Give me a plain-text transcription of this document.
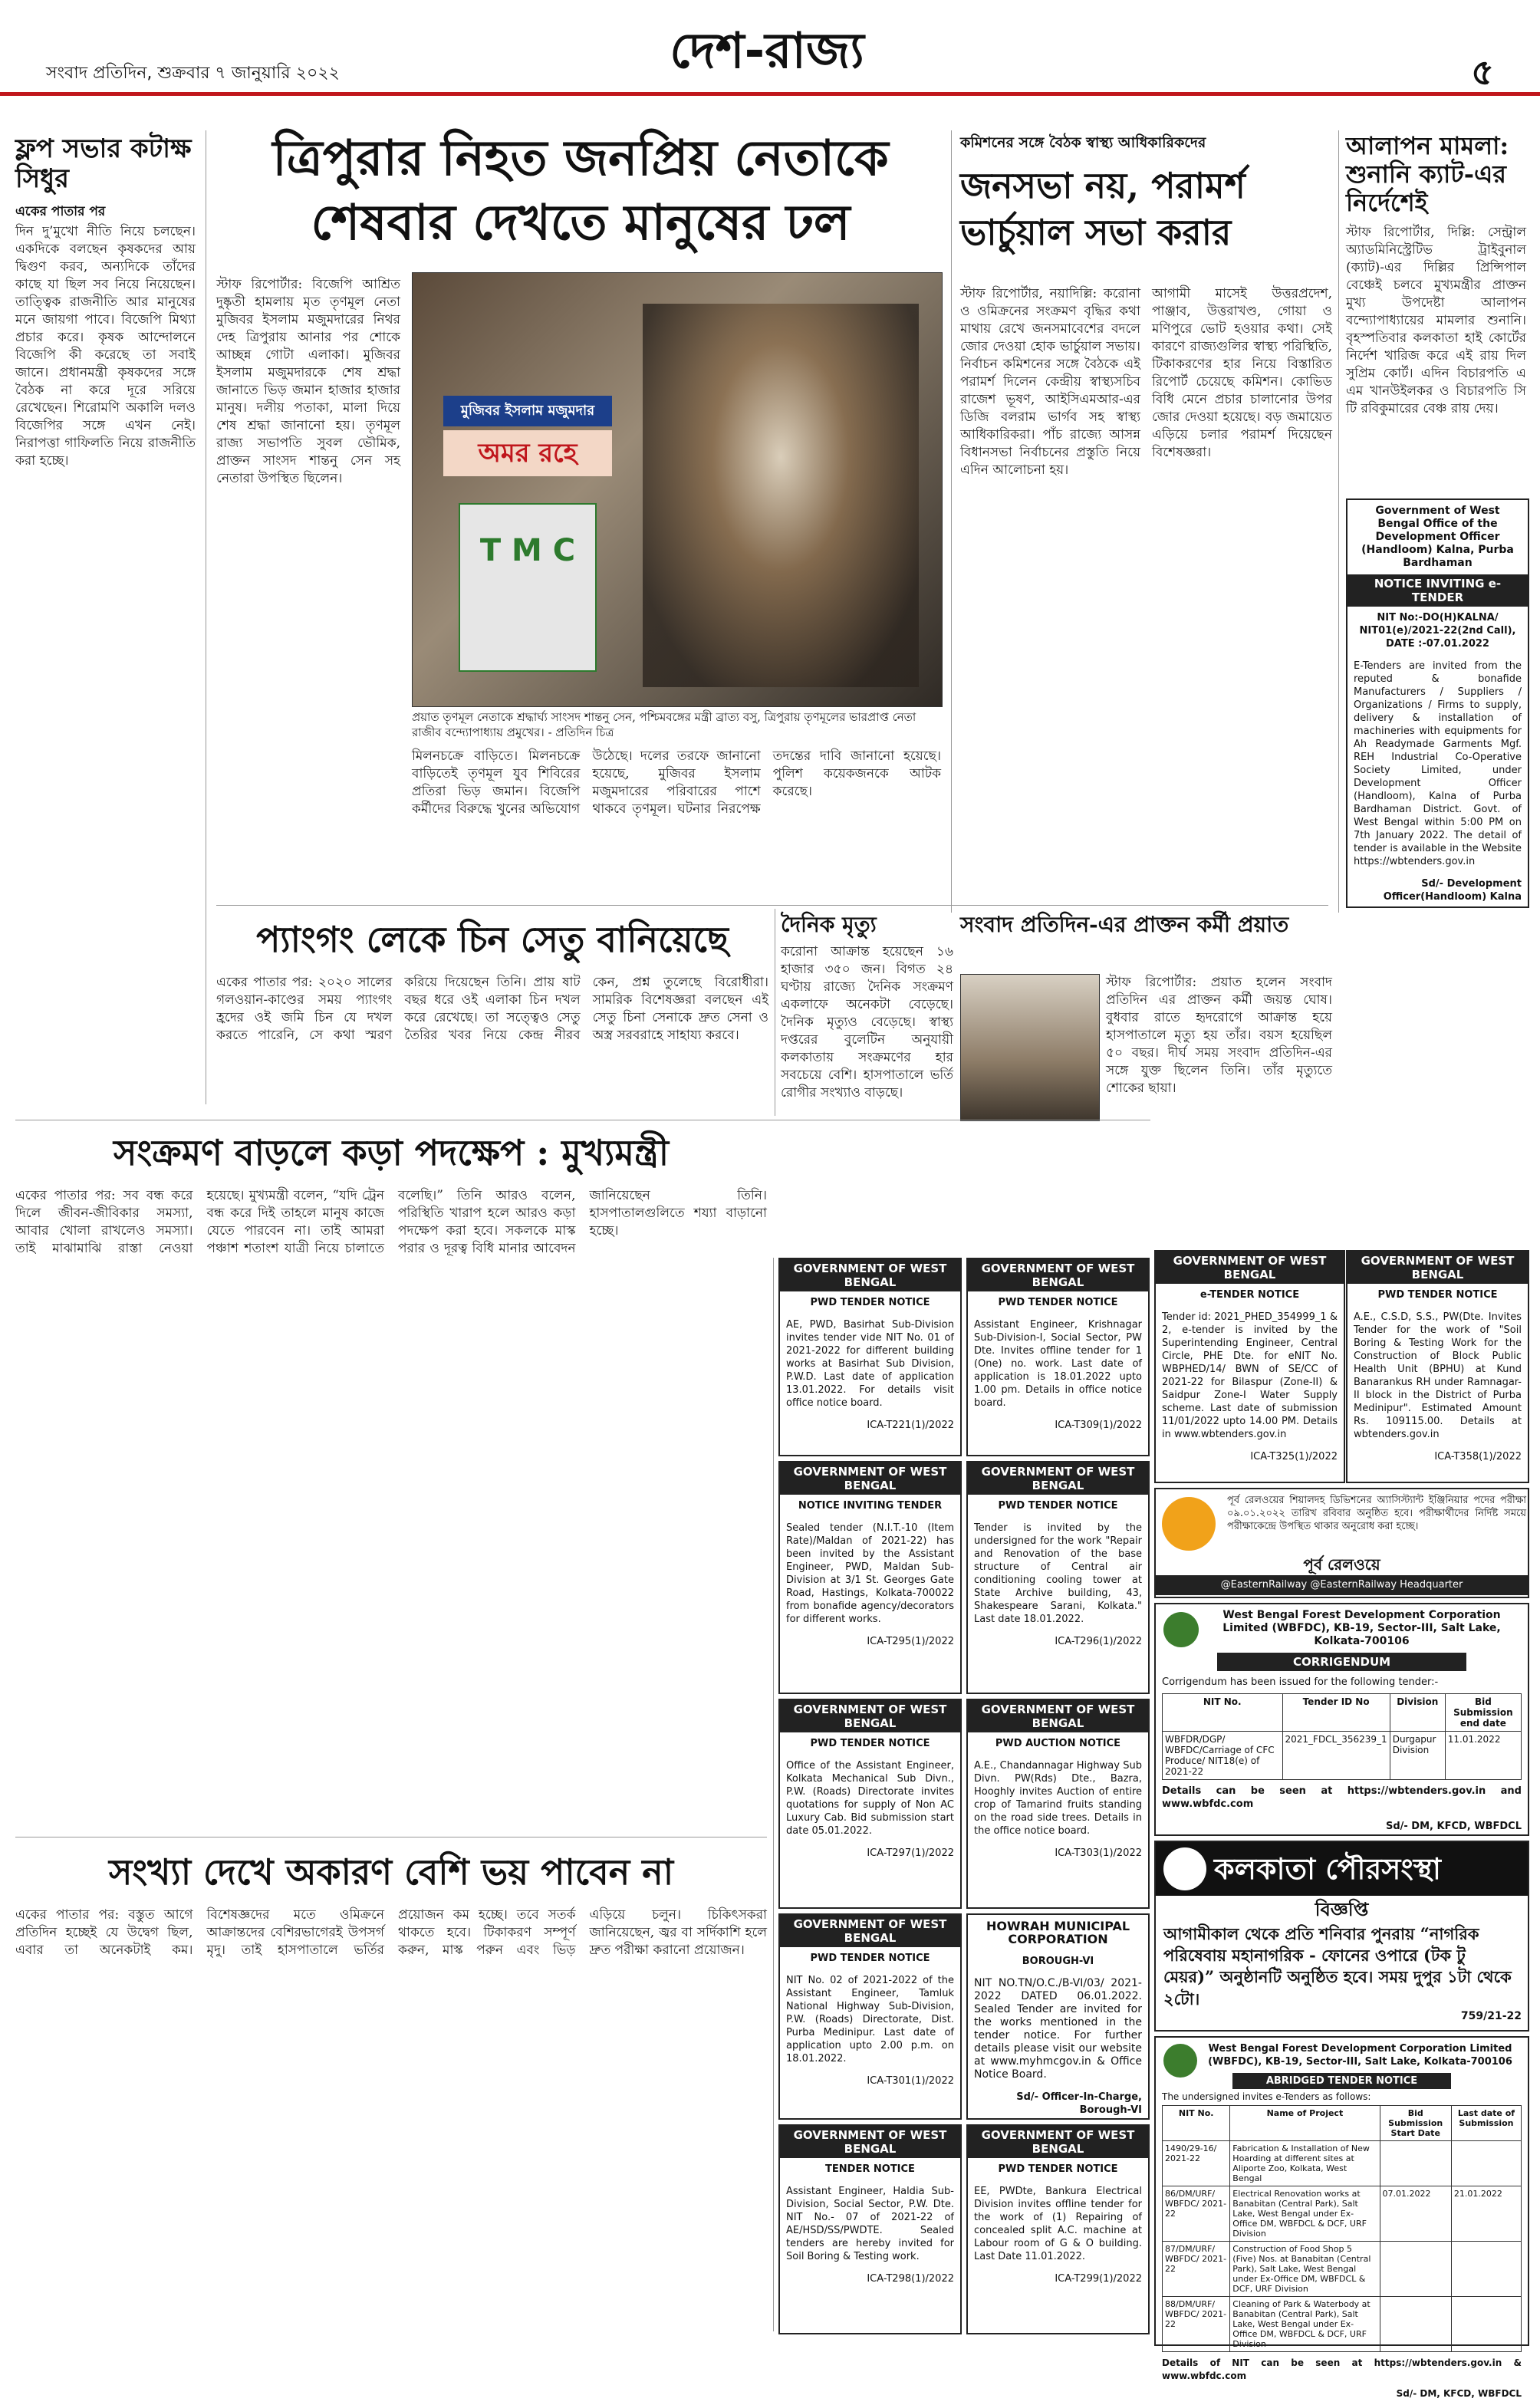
সংবাদ প্রতিদিন, শুক্রবার ৭ জানুয়ারি ২০২২	দেশ-রাজ্য	৫
ফ্লপ সভার কটাক্ষ সিধুর
একের পাতার পর
দিন দু’মুখো নীতি নিয়ে চলছেন। একদিকে বলছেন কৃষকদের আয় দ্বিগুণ করব, অন্যদিকে তাঁদের কাছে যা ছিল সব নিয়ে নিয়েছেন। তাত্ত্বিক রাজনীতি আর মানুষের মনে জায়গা পাবে। বিজেপি মিথ্যা প্রচার করে। কৃষক আন্দোলনে বিজেপি কী করেছে তা সবাই জানে। প্রধানমন্ত্রী কৃষকদের সঙ্গে বৈঠক না করে দূরে সরিয়ে রেখেছেন। শিরোমণি অকালি দলও বিজেপির সঙ্গে এখন নেই। নিরাপত্তা গাফিলতি নিয়ে রাজনীতি করা হচ্ছে।
ত্রিপুরার নিহত জনপ্রিয় নেতাকে
শেষবার দেখতে মানুষের ঢল
স্টাফ রিপোর্টার: বিজেপি আশ্রিত দুষ্কৃতী হামলায় মৃত তৃণমূল নেতা মুজিবর ইসলাম মজুমদারের নিথর দেহ ত্রিপুরায় আনার পর শোকে আচ্ছন্ন গোটা এলাকা। মুজিবর ইসলাম মজুমদারকে শেষ শ্রদ্ধা জানাতে ভিড় জমান হাজার হাজার মানুষ। দলীয় পতাকা, মালা দিয়ে শেষ শ্রদ্ধা জানানো হয়। তৃণমূল রাজ্য সভাপতি সুবল ভৌমিক, প্রাক্তন সাংসদ শান্তনু সেন সহ নেতারা উপস্থিত ছিলেন।
মুজিবর ইসলাম মজুমদার
অমর রহে
T M C
প্রয়াত তৃণমূল নেতাকে শ্রদ্ধার্ঘ্য সাংসদ শান্তনু সেন, পশ্চিমবঙ্গের মন্ত্রী ব্রাত্য বসু, ত্রিপুরায় তৃণমূলের ভারপ্রাপ্ত নেতা রাজীব বন্দ্যোপাধ্যায় প্রমুখের। - প্রতিদিন চিত্র
মিলনচক্রে বাড়িতে। মিলনচক্রে বাড়িতেই তৃণমূল যুব শিবিরের প্রতিরা ভিড় জমান। বিজেপি কর্মীদের বিরুদ্ধে খুনের অভিযোগ উঠেছে। দলের তরফে জানানো হয়েছে, মুজিবর ইসলাম মজুমদারের পরিবারের পাশে থাকবে তৃণমূল। ঘটনার নিরপেক্ষ তদন্তের দাবি জানানো হয়েছে। পুলিশ কয়েকজনকে আটক করেছে।
কমিশনের সঙ্গে বৈঠক স্বাস্থ্য আধিকারিকদের
জনসভা নয়, পরামর্শ
ভার্চুয়াল সভা করার
স্টাফ রিপোর্টার, নয়াদিল্লি: করোনা ও ওমিক্রনের সংক্রমণ বৃদ্ধির কথা মাথায় রেখে জনসমাবেশের বদলে জোর দেওয়া হোক ভার্চুয়াল সভায়। নির্বাচন কমিশনের সঙ্গে বৈঠকে এই পরামর্শ দিলেন কেন্দ্রীয় স্বাস্থ্যসচিব রাজেশ ভূষণ, আইসিএমআর-এর ডিজি বলরাম ভার্গব সহ স্বাস্থ্য আধিকারিকরা। পাঁচ রাজ্যে আসন্ন বিধানসভা নির্বাচনের প্রস্তুতি নিয়ে এদিন আলোচনা হয়।
আগামী মাসেই উত্তরপ্রদেশ, পাঞ্জাব, উত্তরাখণ্ড, গোয়া ও মণিপুরে ভোট হওয়ার কথা। সেই কারণে রাজ্যগুলির স্বাস্থ্য পরিস্থিতি, টিকাকরণের হার নিয়ে বিস্তারিত রিপোর্ট চেয়েছে কমিশন। কোভিড বিধি মেনে প্রচার চালানোর উপর জোর দেওয়া হয়েছে। বড় জমায়েত এড়িয়ে চলার পরামর্শ দিয়েছেন বিশেষজ্ঞরা।
আলাপন মামলা: শুনানি ক্যাট-এর নির্দেশেই
স্টাফ রিপোর্টার, দিল্লি: সেন্ট্রাল অ্যাডমিনিস্ট্রেটিভ ট্রাইবুনাল (ক্যাট)-এর দিল্লির প্রিন্সিপাল বেঞ্চেই চলবে মুখ্যমন্ত্রীর প্রাক্তন মুখ্য উপদেষ্টা আলাপন বন্দ্যোপাধ্যায়ের মামলার শুনানি। বৃহস্পতিবার কলকাতা হাই কোর্টের নির্দেশ খারিজ করে এই রায় দিল সুপ্রিম কোর্ট। এদিন বিচারপতি এ এম খানউইলকর ও বিচারপতি সি টি রবিকুমারের বেঞ্চ রায় দেয়।
Government of West Bengal Office of the Development Officer (Handloom) Kalna, Purba Bardhaman
NOTICE INVITING e-TENDER
NIT No:-DO(H)KALNA/ NIT01(e)/2021-22(2nd Call), DATE :-07.01.2022
E-Tenders are invited from the reputed & bonafide Manufacturers / Suppliers / Organizations / Firms to supply, delivery & installation of machineries with equipments for Ah Readymade Garments Mgf. REH Industrial Co-Operative Society Limited, under Development Officer (Handloom), Kalna of Purba Bardhaman District. Govt. of West Bengal within 5:00 PM on 7th January 2022. The detail of tender is available in the Website https://wbtenders.gov.in
Sd/- Development Officer(Handloom) Kalna
প্যাংগং লেকে চিন সেতু বানিয়েছে
একের পাতার পর: ২০২০ সালের গলওয়ান-কাণ্ডের সময় প্যাংগং হ্রদের ওই জমি চিন যে দখল করতে পারেনি, সে কথা স্মরণ করিয়ে দিয়েছেন তিনি। প্রায় ষাট বছর ধরে ওই এলাকা চিন দখল করে রেখেছে। তা সত্ত্বেও সেতু তৈরির খবর নিয়ে কেন্দ্র নীরব কেন, প্রশ্ন তুলেছে বিরোধীরা। সামরিক বিশেষজ্ঞরা বলছেন এই সেতু চিনা সেনাকে দ্রুত সেনা ও অস্ত্র সরবরাহে সাহায্য করবে।
দৈনিক মৃত্যু
করোনা আক্রান্ত হয়েছেন ১৬ হাজার ৩৫০ জন। বিগত ২৪ ঘণ্টায় রাজ্যে দৈনিক সংক্রমণ একলাফে অনেকটা বেড়েছে। দৈনিক মৃত্যুও বেড়েছে। স্বাস্থ্য দপ্তরের বুলেটিন অনুযায়ী কলকাতায় সংক্রমণের হার সবচেয়ে বেশি। হাসপাতালে ভর্তি রোগীর সংখ্যাও বাড়ছে।
সংবাদ প্রতিদিন-এর প্রাক্তন কর্মী প্রয়াত
স্টাফ রিপোর্টার: প্রয়াত হলেন সংবাদ প্রতিদিন এর প্রাক্তন কর্মী জয়ন্ত ঘোষ। বুধবার রাতে হৃদরোগে আক্রান্ত হয়ে হাসপাতালে মৃত্যু হয় তাঁর। বয়স হয়েছিল ৫০ বছর। দীর্ঘ সময় সংবাদ প্রতিদিন-এর সঙ্গে যুক্ত ছিলেন তিনি। তাঁর মৃত্যুতে শোকের ছায়া।
GOVERNMENT OF WEST BENGAL
e-TENDER NOTICE
Tender id: 2021_PHED_354999_1 & 2, e-tender is invited by the Superintending Engineer, Central Circle, PHE Dte. for eNIT No. WBPHED/14/ BWN of SE/CC of 2021-22 for Bilaspur (Zone-II) & Saidpur Zone-I Water Supply scheme. Last date of submission 11/01/2022 upto 14.00 PM. Details in www.wbtenders.gov.in
ICA-T325(1)/2022
GOVERNMENT OF WEST BENGAL
PWD TENDER NOTICE
A.E., C.S.D, S.S., PW(Dte. Invites Tender for the work of "Soil Boring & Testing Work for the Construction of Block Public Health Unit (BPHU) at Kund Banarankus RH under Ramnagar-II block in the District of Purba Medinipur". Estimated Amount Rs. 109115.00. Details at wbtenders.gov.in
ICA-T358(1)/2022
সংক্রমণ বাড়লে কড়া পদক্ষেপ : মুখ্যমন্ত্রী
একের পাতার পর: সব বন্ধ করে দিলে জীবন-জীবিকার সমস্যা, আবার খোলা রাখলেও সমস্যা। তাই মাঝামাঝি রাস্তা নেওয়া হয়েছে। মুখ্যমন্ত্রী বলেন, “যদি ট্রেন বন্ধ করে দিই তাহলে মানুষ কাজে যেতে পারবেন না। তাই আমরা পঞ্চাশ শতাংশ যাত্রী নিয়ে চালাতে বলেছি।” তিনি আরও বলেন, পরিস্থিতি খারাপ হলে আরও কড়া পদক্ষেপ করা হবে। সকলকে মাস্ক পরার ও দূরত্ব বিধি মানার আবেদন জানিয়েছেন তিনি। হাসপাতালগুলিতে শয্যা বাড়ানো হচ্ছে।
সংখ্যা দেখে অকারণ বেশি ভয় পাবেন না
একের পাতার পর: বস্তুত আগে প্রতিদিন হচ্ছেই যে উদ্বেগ ছিল, এবার তা অনেকটাই কম। বিশেষজ্ঞদের মতে ওমিক্রনে আক্রান্তদের বেশিরভাগেরই উপসর্গ মৃদু। তাই হাসপাতালে ভর্তির প্রয়োজন কম হচ্ছে। তবে সতর্ক থাকতে হবে। টিকাকরণ সম্পূর্ণ করুন, মাস্ক পরুন এবং ভিড় এড়িয়ে চলুন। চিকিৎসকরা জানিয়েছেন, জ্বর বা সর্দিকাশি হলে দ্রুত পরীক্ষা করানো প্রয়োজন।
GOVERNMENT OF WEST BENGAL
PWD TENDER NOTICE
AE, PWD, Basirhat Sub-Division invites tender vide NIT No. 01 of 2021-2022 for different building works at Basirhat Sub Division, P.W.D. Last date of application 13.01.2022. For details visit office notice board.
ICA-T221(1)/2022
GOVERNMENT OF WEST BENGAL
PWD TENDER NOTICE
Assistant Engineer, Krishnagar Sub-Division-I, Social Sector, PW Dte. Invites offline tender for 1 (One) no. work. Last date of application is 18.01.2022 upto 1.00 pm. Details in office notice board.
ICA-T309(1)/2022
GOVERNMENT OF WEST BENGAL
NOTICE INVITING TENDER
Sealed tender (N.I.T.-10 (Item Rate)/Maldan of 2021-22) has been invited by the Assistant Engineer, PWD, Maldan Sub-Division at 3/1 St. Georges Gate Road, Hastings, Kolkata-700022 from bonafide agency/decorators for different works.
ICA-T295(1)/2022
GOVERNMENT OF WEST BENGAL
PWD TENDER NOTICE
Tender is invited by the undersigned for the work "Repair and Renovation of the base structure of Central air conditioning cooling tower at State Archive building, 43, Shakespeare Sarani, Kolkata." Last date 18.01.2022.
ICA-T296(1)/2022
GOVERNMENT OF WEST BENGAL
PWD TENDER NOTICE
Office of the Assistant Engineer, Kolkata Mechanical Sub Divn., P.W. (Roads) Directorate invites quotations for supply of Non AC Luxury Cab. Bid submission start date 05.01.2022.
ICA-T297(1)/2022
GOVERNMENT OF WEST BENGAL
PWD AUCTION NOTICE
A.E., Chandannagar Highway Sub Divn. PW(Rds) Dte., Bazra, Hooghly invites Auction of entire crop of Tamarind fruits standing on the road side trees. Details in the office notice board.
ICA-T303(1)/2022
GOVERNMENT OF WEST BENGAL
PWD TENDER NOTICE
NIT No. 02 of 2021-2022 of the Assistant Engineer, Tamluk National Highway Sub-Division, P.W. (Roads) Directorate, Dist. Purba Medinipur. Last date of application upto 2.00 p.m. on 18.01.2022.
ICA-T301(1)/2022
HOWRAH MUNICIPAL CORPORATION
BOROUGH-VI
NIT NO.TN/O.C./B-VI/03/ 2021-2022 DATED 06.01.2022. Sealed Tender are invited for the works mentioned in the tender notice. For further details please visit our website at www.myhmcgov.in & Office Notice Board.
Sd/- Officer-In-Charge, Borough-VI
GOVERNMENT OF WEST BENGAL
TENDER NOTICE
Assistant Engineer, Haldia Sub-Division, Social Sector, P.W. Dte. NIT No.- 07 of 2021-22 of AE/HSD/SS/PWDTE. Sealed tenders are hereby invited for Soil Boring & Testing work.
ICA-T298(1)/2022
GOVERNMENT OF WEST BENGAL
PWD TENDER NOTICE
EE, PWDte, Bankura Electrical Division invites offline tender for the work of (1) Repairing of concealed split A.C. machine at Labour room of G & O building. Last Date 11.01.2022.
ICA-T299(1)/2022
পূর্ব রেলওয়ের শিয়ালদহ ডিভিশনের অ্যাসিস্ট্যান্ট ইঞ্জিনিয়ার পদের পরীক্ষা ০৯.০১.২০২২ তারিখ রবিবার অনুষ্ঠিত হবে। পরীক্ষার্থীদের নির্দিষ্ট সময়ে পরীক্ষাকেন্দ্রে উপস্থিত থাকার অনুরোধ করা হচ্ছে।
পূর্ব রেলওয়ে
@EasternRailway @EasternRailway Headquarter
West Bengal Forest Development Corporation Limited (WBFDC), KB-19, Sector-III, Salt Lake, Kolkata-700106
CORRIGENDUM
Corrigendum has been issued for the following tender:-
NIT No.	Tender ID No	Division	Bid Submission end date
WBFDR/DGP/ WBFDC/Carriage of CFC Produce/ NIT18(e) of 2021-22	2021_FDCL_356239_1	Durgapur Division	11.01.2022
Details can be seen at https://wbtenders.gov.in and www.wbfdc.com
Sd/- DM, KFCD, WBFDCL
কলকাতা পৌরসংস্থা
বিজ্ঞপ্তি
আগামীকাল থেকে প্রতি শনিবার পুনরায় “নাগরিক পরিষেবায় মহানাগরিক - ফোনের ওপারে (টক টু মেয়র)” অনুষ্ঠানটি অনুষ্ঠিত হবে। সময় দুপুর ১টা থেকে ২টো।
759/21-22
West Bengal Forest Development Corporation Limited (WBFDC), KB-19, Sector-III, Salt Lake, Kolkata-700106
ABRIDGED TENDER NOTICE
The undersigned invites e-Tenders as follows:
NIT No.	Name of Project	Bid Submission Start Date	Last date of Submission
1490/29-16/ 2021-22	Fabrication & Installation of New Hoarding at different sites at Aliporte Zoo, Kolkata, West Bengal		
86/DM/URF/ WBFDC/ 2021-22	Electrical Renovation works at Banabitan (Central Park), Salt Lake, West Bengal under Ex-Office DM, WBFDCL & DCF, URF Division	07.01.2022	21.01.2022
87/DM/URF/ WBFDC/ 2021-22	Construction of Food Shop 5 (Five) Nos. at Banabitan (Central Park), Salt Lake, West Bengal under Ex-Office DM, WBFDCL & DCF, URF Division		
88/DM/URF/ WBFDC/ 2021-22	Cleaning of Park & Waterbody at Banabitan (Central Park), Salt Lake, West Bengal under Ex-Office DM, WBFDCL & DCF, URF Division		
Details of NIT can be seen at https://wbtenders.gov.in & www.wbfdc.com
Sd/- DM, KFCD, WBFDCL
